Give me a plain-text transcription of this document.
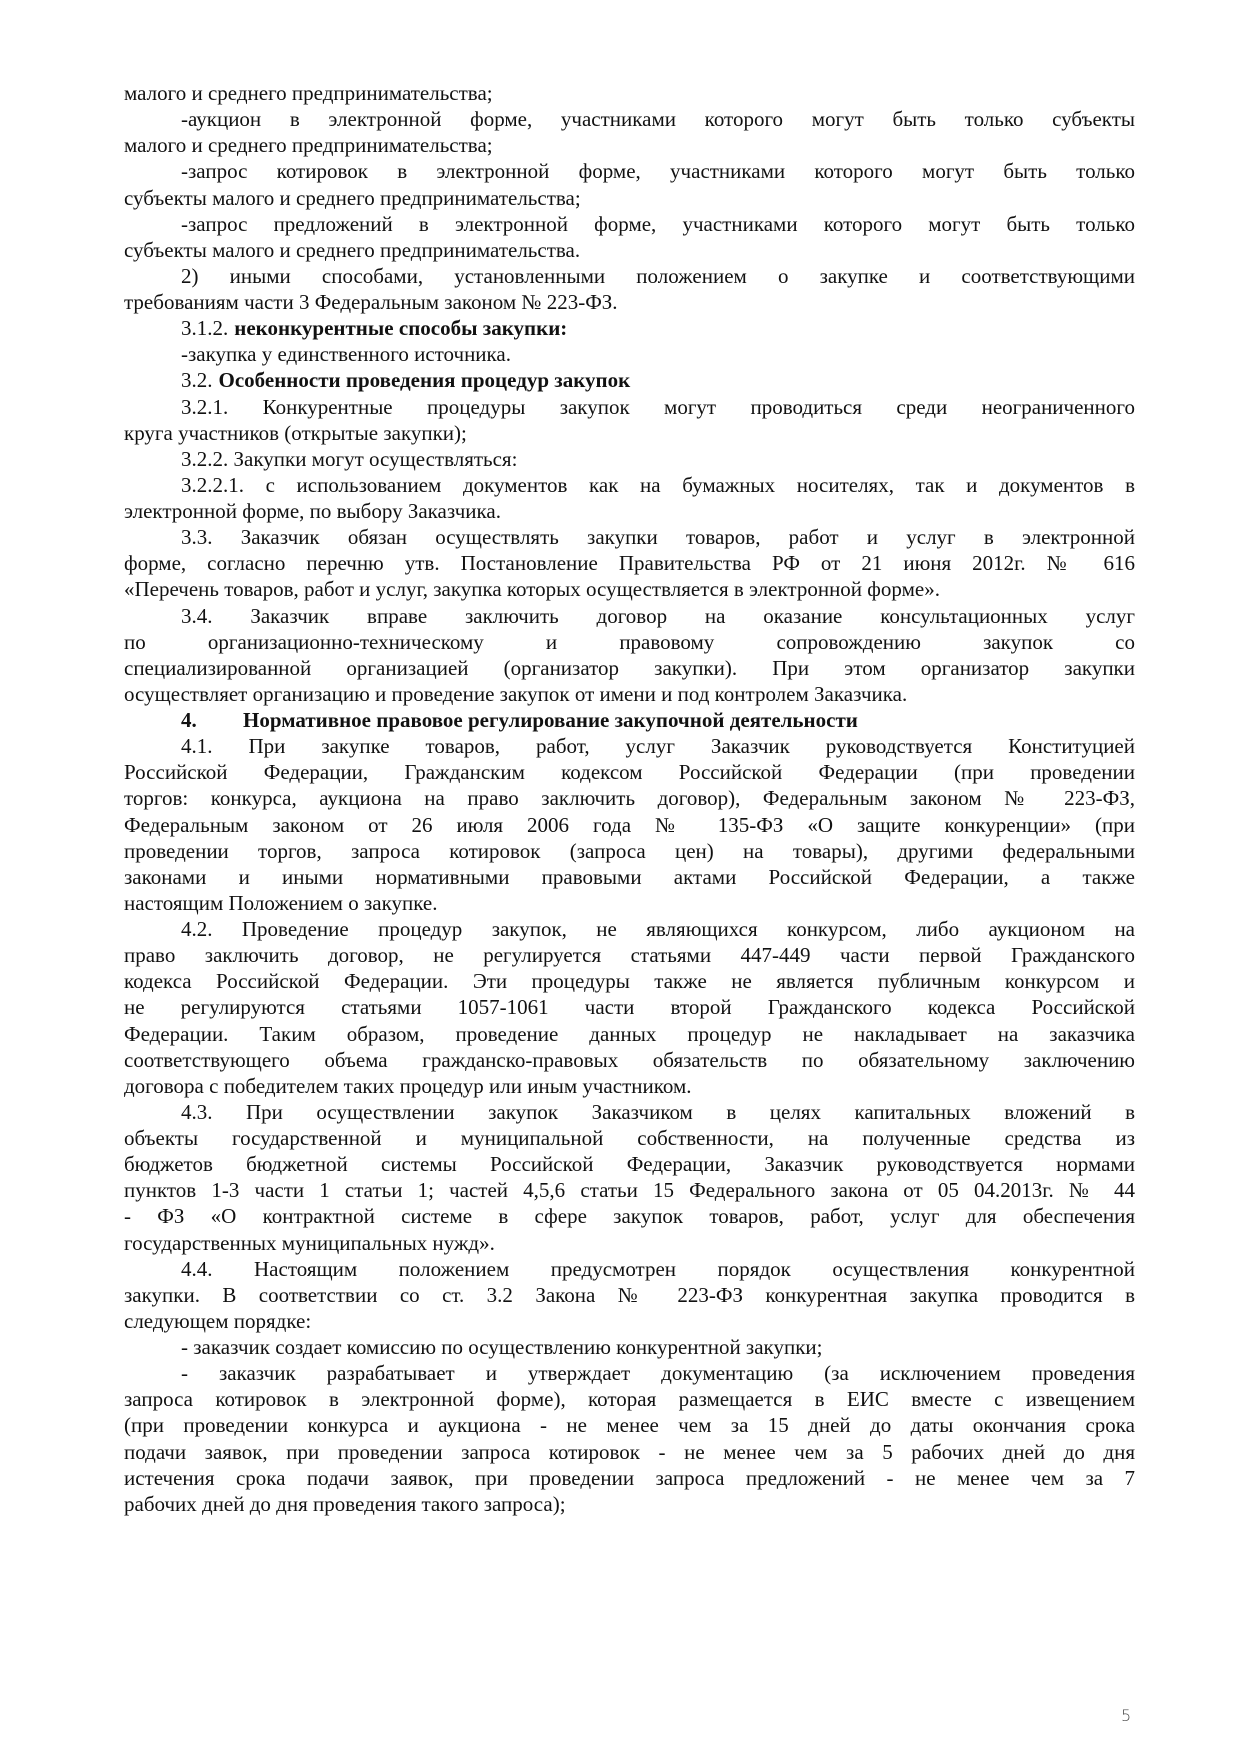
малого и среднего предпринимательства;
-аукцион в электронной форме, участниками которого могут быть только субъекты
малого и среднего предпринимательства;
-запрос котировок в электронной форме, участниками которого могут быть только
субъекты малого и среднего предпринимательства;
-запрос предложений в электронной форме, участниками которого могут быть только
субъекты малого и среднего предпринимательства.
2) иными способами, установленными положением о закупке и соответствующими
требованиям части 3 Федеральным законом № 223-ФЗ.
3.1.2. неконкурентные способы закупки:
-закупка у единственного источника.
3.2. Особенности проведения процедур закупок
3.2.1. Конкурентные процедуры закупок могут проводиться среди неограниченного
круга участников (открытые закупки);
3.2.2. Закупки могут осуществляться:
3.2.2.1. с использованием документов как на бумажных носителях, так и документов в
электронной форме, по выбору Заказчика.
3.3. Заказчик обязан осуществлять закупки товаров, работ и услуг в электронной
форме, согласно перечню утв. Постановление Правительства РФ от 21 июня 2012г. № 616
«Перечень товаров, работ и услуг, закупка которых осуществляется в электронной форме».
3.4. Заказчик вправе заключить договор на оказание консультационных услуг
по организационно-техническому и правовому сопровождению закупок со
специализированной организацией (организатор закупки). При этом организатор закупки
осуществляет организацию и проведение закупок от имени и под контролем Заказчика.
4. Нормативное правовое регулирование закупочной деятельности
4.1. При закупке товаров, работ, услуг Заказчик руководствуется Конституцией
Российской Федерации, Гражданским кодексом Российской Федерации (при проведении
торгов: конкурса, аукциона на право заключить договор), Федеральным законом № 223-ФЗ,
Федеральным законом от 26 июля 2006 года № 135-ФЗ «О защите конкуренции» (при
проведении торгов, запроса котировок (запроса цен) на товары), другими федеральными
законами и иными нормативными правовыми актами Российской Федерации, а также
настоящим Положением о закупке.
4.2. Проведение процедур закупок, не являющихся конкурсом, либо аукционом на
право заключить договор, не регулируется статьями 447-449 части первой Гражданского
кодекса Российской Федерации. Эти процедуры также не является публичным конкурсом и
не регулируются статьями 1057-1061 части второй Гражданского кодекса Российской
Федерации. Таким образом, проведение данных процедур не накладывает на заказчика
соответствующего объема гражданско-правовых обязательств по обязательному заключению
договора с победителем таких процедур или иным участником.
4.3. При осуществлении закупок Заказчиком в целях капитальных вложений в
объекты государственной и муниципальной собственности, на полученные средства из
бюджетов бюджетной системы Российской Федерации, Заказчик руководствуется нормами
пунктов 1-3 части 1 статьи 1; частей 4,5,6 статьи 15 Федерального закона от 05 04.2013г. № 44
- ФЗ «О контрактной системе в сфере закупок товаров, работ, услуг для обеспечения
государственных муниципальных нужд».
4.4. Настоящим положением предусмотрен порядок осуществления конкурентной
закупки. В соответствии со ст. 3.2 Закона № 223-ФЗ конкурентная закупка проводится в
следующем порядке:
- заказчик создает комиссию по осуществлению конкурентной закупки;
- заказчик разрабатывает и утверждает документацию (за исключением проведения
запроса котировок в электронной форме), которая размещается в ЕИС вместе с извещением
(при проведении конкурса и аукциона - не менее чем за 15 дней до даты окончания срока
подачи заявок, при проведении запроса котировок - не менее чем за 5 рабочих дней до дня
истечения срока подачи заявок, при проведении запроса предложений - не менее чем за 7
рабочих дней до дня проведения такого запроса);
5
